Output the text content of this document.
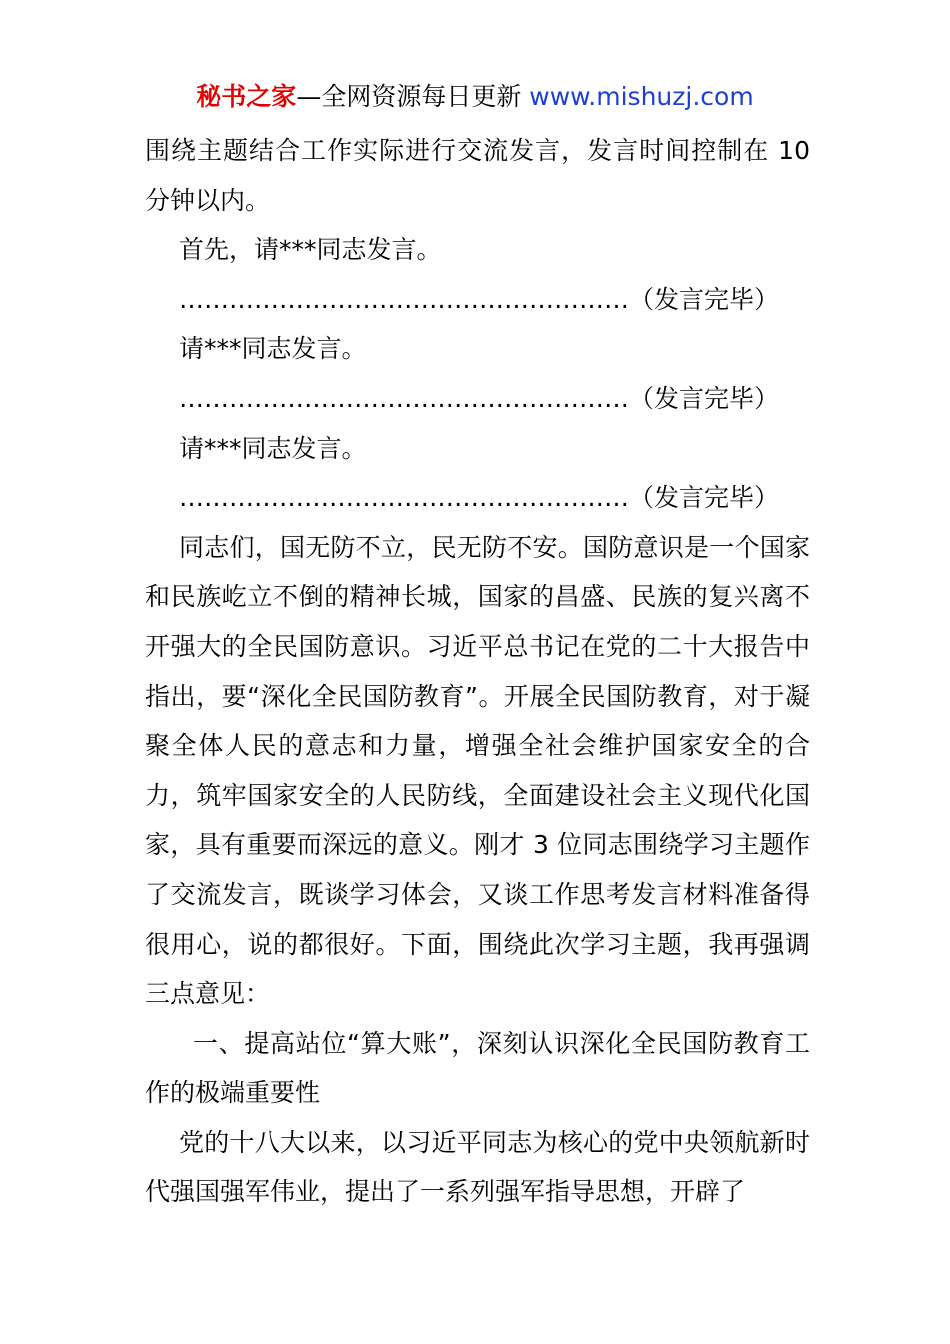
秘书之家—全网资源每日更新 www.mishuzj.com

围绕主题结合工作实际进行交流发言，发言时间控制在 10 分钟以内。

首先，请***同志发言。

………………………………………………（发言完毕）

请***同志发言。

………………………………………………（发言完毕）

请***同志发言。

………………………………………………（发言完毕）

同志们，国无防不立，民无防不安。国防意识是一个国家和民族屹立不倒的精神长城，国家的昌盛、民族的复兴离不开强大的全民国防意识。习近平总书记在党的二十大报告中指出，要“深化全民国防教育”。开展全民国防教育，对于凝聚全体人民的意志和力量，增强全社会维护国家安全的合力，筑牢国家安全的人民防线，全面建设社会主义现代化国家，具有重要而深远的意义。刚才 3 位同志围绕学习主题作了交流发言，既谈学习体会，又谈工作思考发言材料准备得很用心，说的都很好。下面，围绕此次学习主题，我再强调三点意见：

一、提高站位“算大账”，深刻认识深化全民国防教育工作的极端重要性

党的十八大以来，以习近平同志为核心的党中央领航新时代强国强军伟业，提出了一系列强军指导思想，开辟了
